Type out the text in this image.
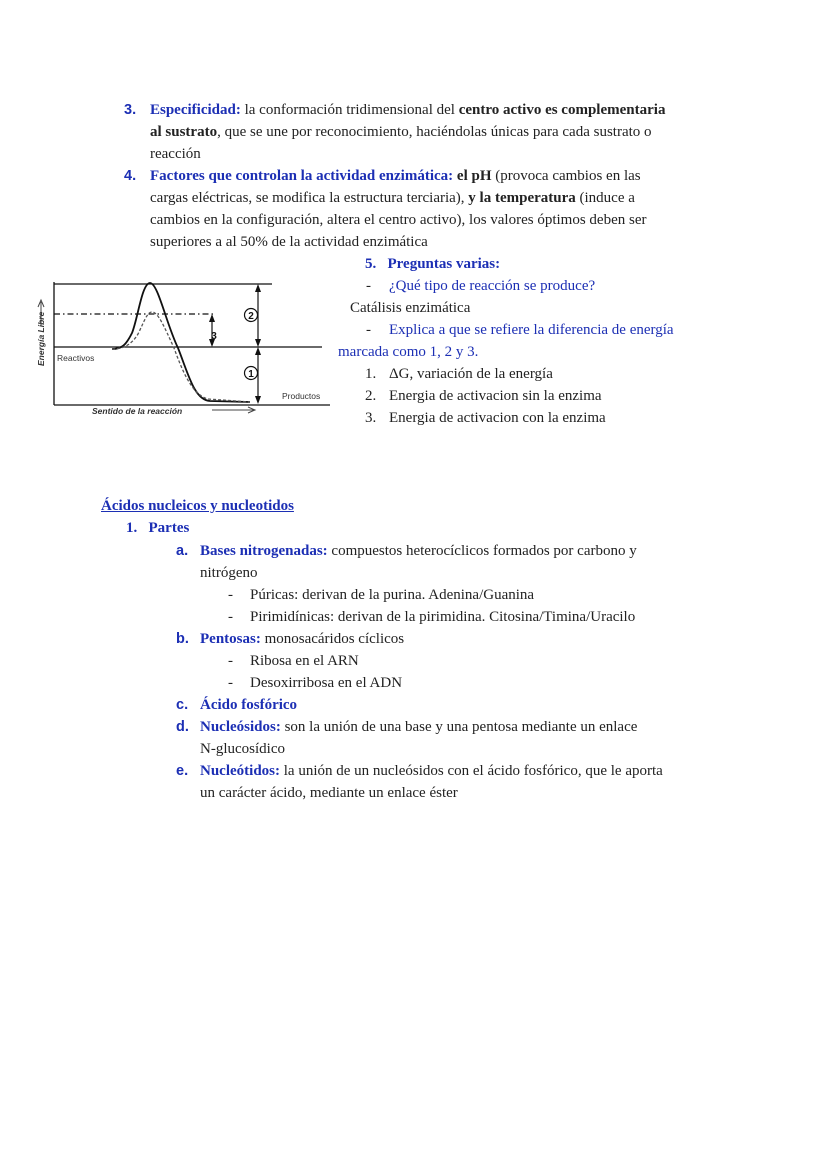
3. Especificidad: la conformación tridimensional del centro activo es complementaria
al sustrato, que se une por reconocimiento, haciéndolas únicas para cada sustrato o
reacción
4. Factores que controlan la actividad enzimática: el pH (provoca cambios en las
cargas eléctricas, se modifica la estructura terciaria), y la temperatura (induce a
cambios en la configuración, altera el centro activo), los valores óptimos deben ser
superiores a al 50% de la actividad enzimática
Energía Libre	2
1
3
Reactivos
Productos
Sentido de la reacción
5. Preguntas varias:
- ¿Qué tipo de reacción se produce?
Catálisis enzimática
- Explica a que se refiere la diferencia de energía
marcada como 1, 2 y 3.
1. ΔG, variación de la energía
2. Energia de activacion sin la enzima
3. Energia de activacion con la enzima
Ácidos nucleicos y nucleotidos
1. Partes
a. Bases nitrogenadas: compuestos heterocíclicos formados por carbono y
nitrógeno
- Púricas: derivan de la purina. Adenina/Guanina
- Pirimidínicas: derivan de la pirimidina. Citosina/Timina/Uracilo
b. Pentosas: monosacáridos cíclicos
- Ribosa en el ARN
- Desoxirribosa en el ADN
c. Ácido fosfórico
d. Nucleósidos: son la unión de una base y una pentosa mediante un enlace
N-glucosídico
e. Nucleótidos: la unión de un nucleósidos con el ácido fosfórico, que le aporta
un carácter ácido, mediante un enlace éster
